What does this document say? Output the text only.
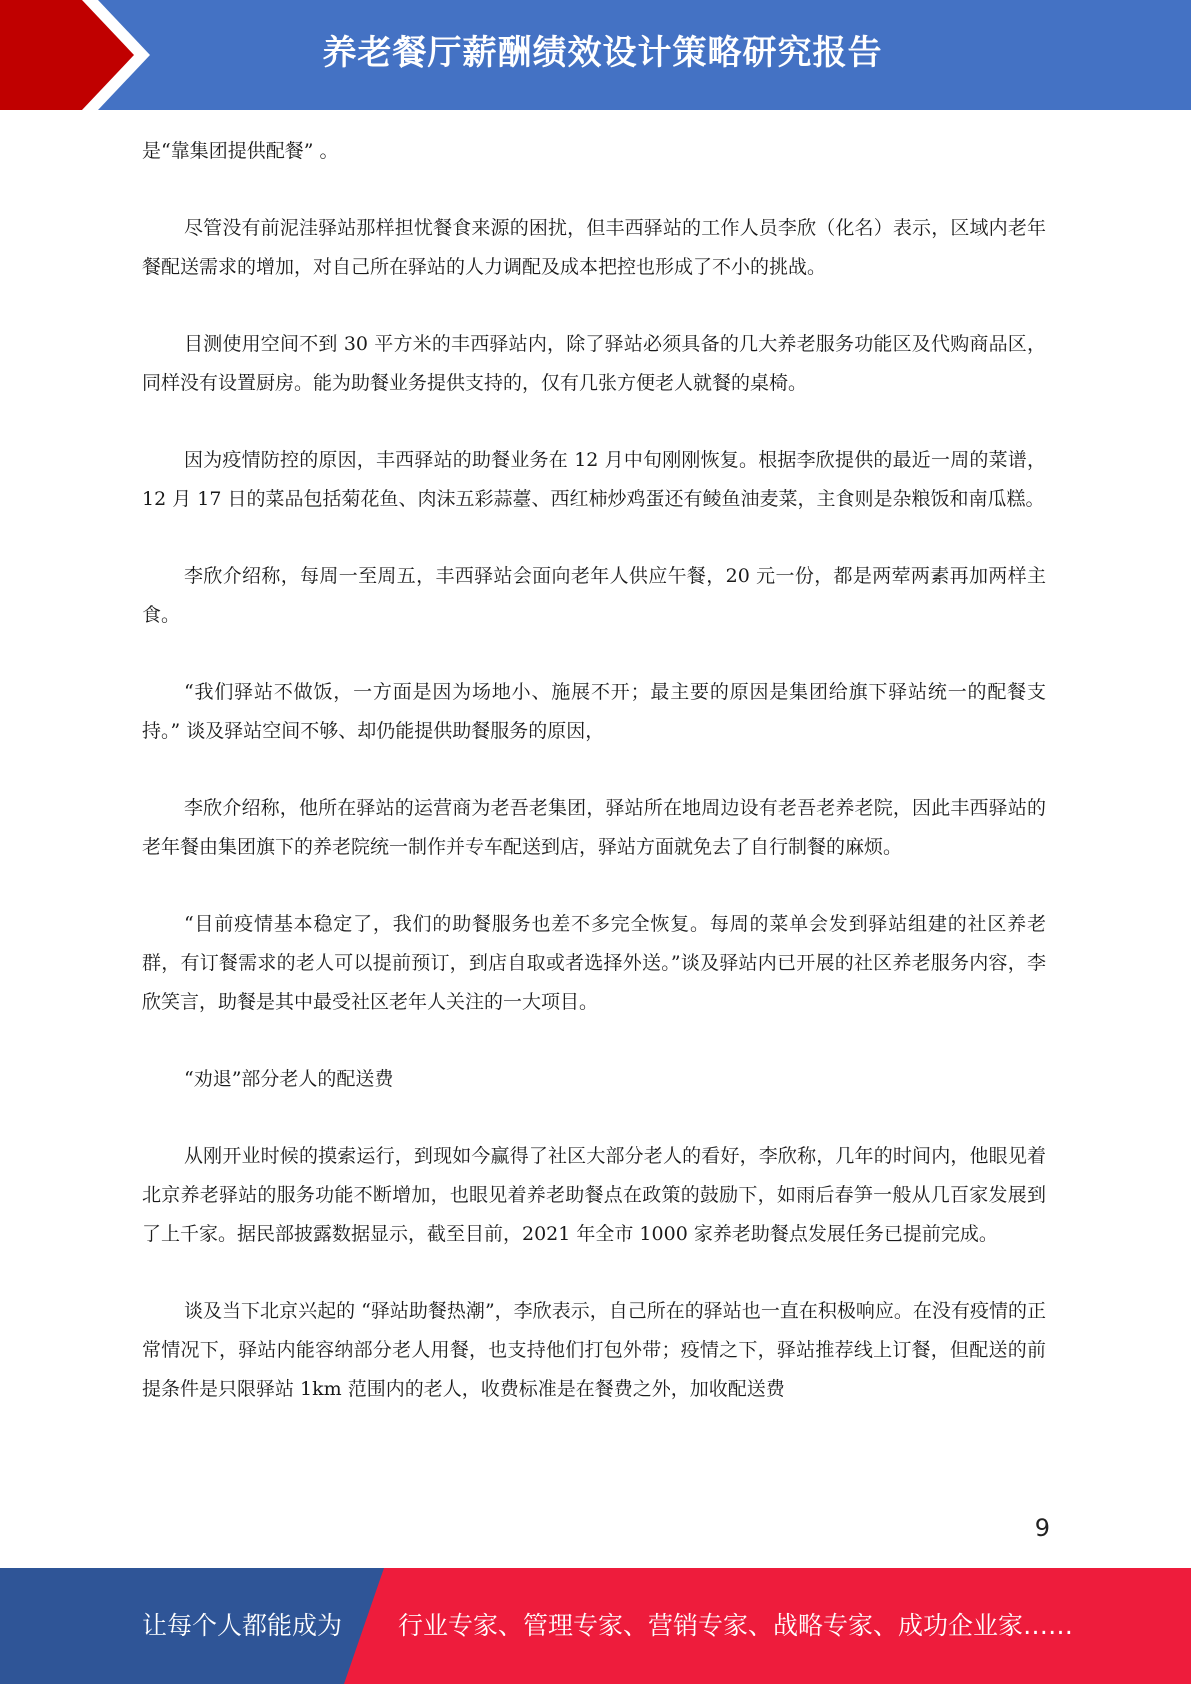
养老餐厅薪酬绩效设计策略研究报告

是“靠集团提供配餐” 。

尽管没有前泥洼驿站那样担忧餐食来源的困扰，但丰西驿站的工作人员李欣（化名）表示，区域内老年餐配送需求的增加，对自己所在驿站的人力调配及成本把控也形成了不小的挑战。

目测使用空间不到 30 平方米的丰西驿站内，除了驿站必须具备的几大养老服务功能区及代购商品区，同样没有设置厨房。能为助餐业务提供支持的，仅有几张方便老人就餐的桌椅。

因为疫情防控的原因，丰西驿站的助餐业务在 12 月中旬刚刚恢复。根据李欣提供的最近一周的菜谱，12 月 17 日的菜品包括菊花鱼、肉沫五彩蒜薹、西红柿炒鸡蛋还有鲮鱼油麦菜，主食则是杂粮饭和南瓜糕。

李欣介绍称，每周一至周五，丰西驿站会面向老年人供应午餐，20 元一份，都是两荤两素再加两样主食。

“我们驿站不做饭，一方面是因为场地小、施展不开；最主要的原因是集团给旗下驿站统一的配餐支持。” 谈及驿站空间不够、却仍能提供助餐服务的原因，

李欣介绍称，他所在驿站的运营商为老吾老集团，驿站所在地周边设有老吾老养老院，因此丰西驿站的老年餐由集团旗下的养老院统一制作并专车配送到店，驿站方面就免去了自行制餐的麻烦。

“目前疫情基本稳定了，我们的助餐服务也差不多完全恢复。每周的菜单会发到驿站组建的社区养老群，有订餐需求的老人可以提前预订，到店自取或者选择外送。”谈及驿站内已开展的社区养老服务内容，李欣笑言，助餐是其中最受社区老年人关注的一大项目。

“劝退”部分老人的配送费

从刚开业时候的摸索运行，到现如今赢得了社区大部分老人的看好，李欣称，几年的时间内，他眼见着北京养老驿站的服务功能不断增加，也眼见着养老助餐点在政策的鼓励下，如雨后春笋一般从几百家发展到了上千家。据民部披露数据显示，截至目前，2021 年全市 1000 家养老助餐点发展任务已提前完成。

谈及当下北京兴起的 “驿站助餐热潮”，李欣表示，自己所在的驿站也一直在积极响应。在没有疫情的正常情况下，驿站内能容纳部分老人用餐，也支持他们打包外带；疫情之下，驿站推荐线上订餐，但配送的前提条件是只限驿站 1km 范围内的老人，收费标准是在餐费之外，加收配送费

9
让每个人都能成为 行业专家、管理专家、营销专家、战略专家、成功企业家……
